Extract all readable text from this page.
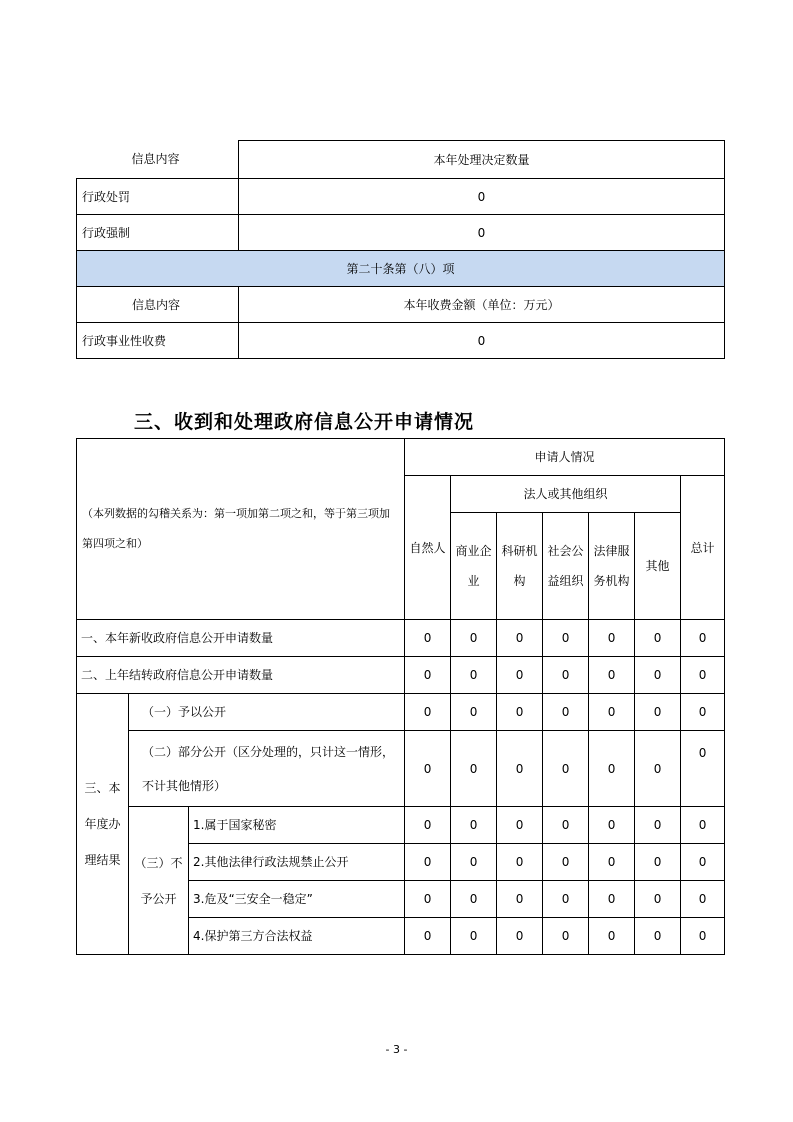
信息内容	本年处理决定数量
行政处罚	0
行政强制	0
第二十条第（八）项	
信息内容	本年收费金额（单位：万元）
行政事业性收费	0
三、收到和处理政府信息公开申请情况
（本列数据的勾稽关系为：第一项加第二项之和，等于第三项加第四项之和）			申请人情况						
			自然人	法人或其他组织					总计
				商业企业	科研机构	社会公益组织	法律服务机构	其他	
一、本年新收政府信息公开申请数量			0	0	0	0	0	0	0
二、上年结转政府信息公开申请数量			0	0	0	0	0	0	0
三、本年度办理结果	（一）予以公开		0	0	0	0	0	0	0
	（二）部分公开（区分处理的，只计这一情形，不计其他情形）		0	0	0	0	0	0	0
	（三）不予公开	1.属于国家秘密	0	0	0	0	0	0	0
		2.其他法律行政法规禁止公开	0	0	0	0	0	0	0
		3.危及“三安全一稳定”	0	0	0	0	0	0	0
		4.保护第三方合法权益	0	0	0	0	0	0	0
- 3 -
